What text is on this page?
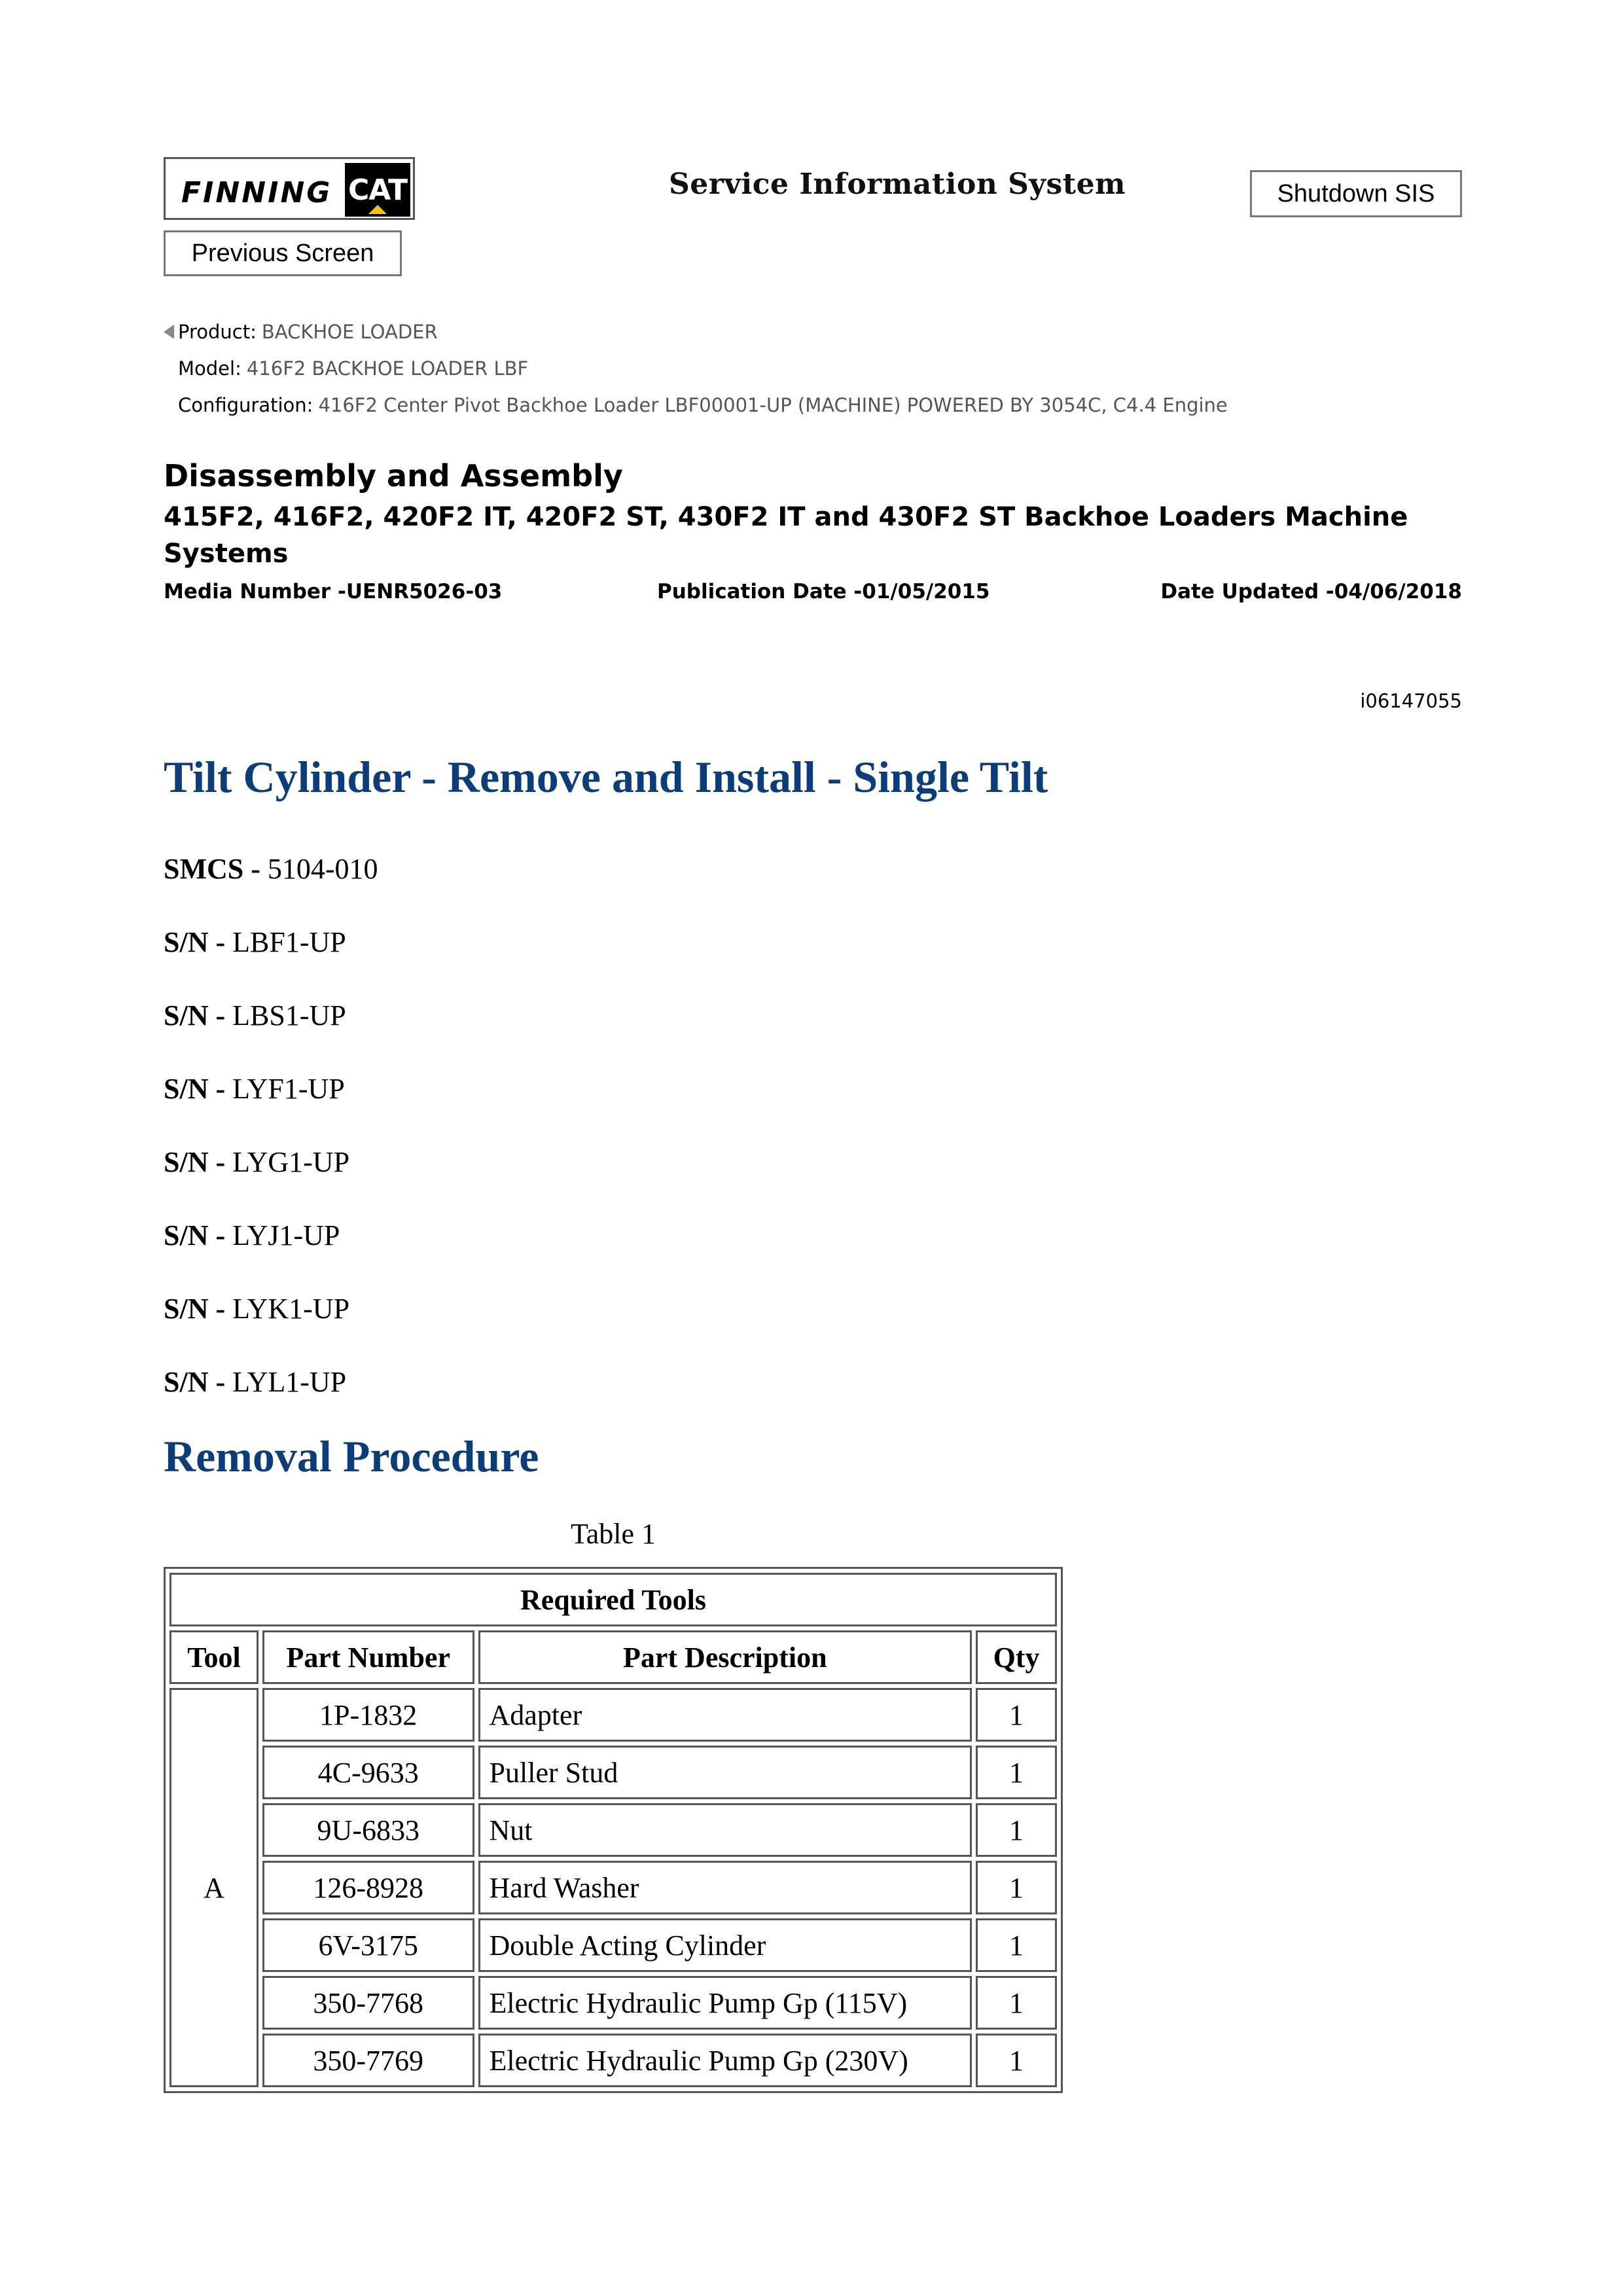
FINNING CAT	Service Information System	Shutdown SIS
Previous Screen
Product: BACKHOE LOADER
Model: 416F2 BACKHOE LOADER LBF
Configuration: 416F2 Center Pivot Backhoe Loader LBF00001-UP (MACHINE) POWERED BY 3054C, C4.4 Engine
Disassembly and Assembly
415F2, 416F2, 420F2 IT, 420F2 ST, 430F2 IT and 430F2 ST Backhoe Loaders Machine Systems
Media Number -UENR5026-03	Publication Date -01/05/2015	Date Updated -04/06/2018
i06147055
Tilt Cylinder - Remove and Install - Single Tilt
SMCS - 5104-010
S/N - LBF1-UP
S/N - LBS1-UP
S/N - LYF1-UP
S/N - LYG1-UP
S/N - LYJ1-UP
S/N - LYK1-UP
S/N - LYL1-UP
Removal Procedure
Table 1
Required Tools			
Tool	Part Number	Part Description	Qty
A	1P-1832	Adapter	1
	4C-9633	Puller Stud	1
	9U-6833	Nut	1
	126-8928	Hard Washer	1
	6V-3175	Double Acting Cylinder	1
	350-7768	Electric Hydraulic Pump Gp (115V)	1
	350-7769	Electric Hydraulic Pump Gp (230V)	1
